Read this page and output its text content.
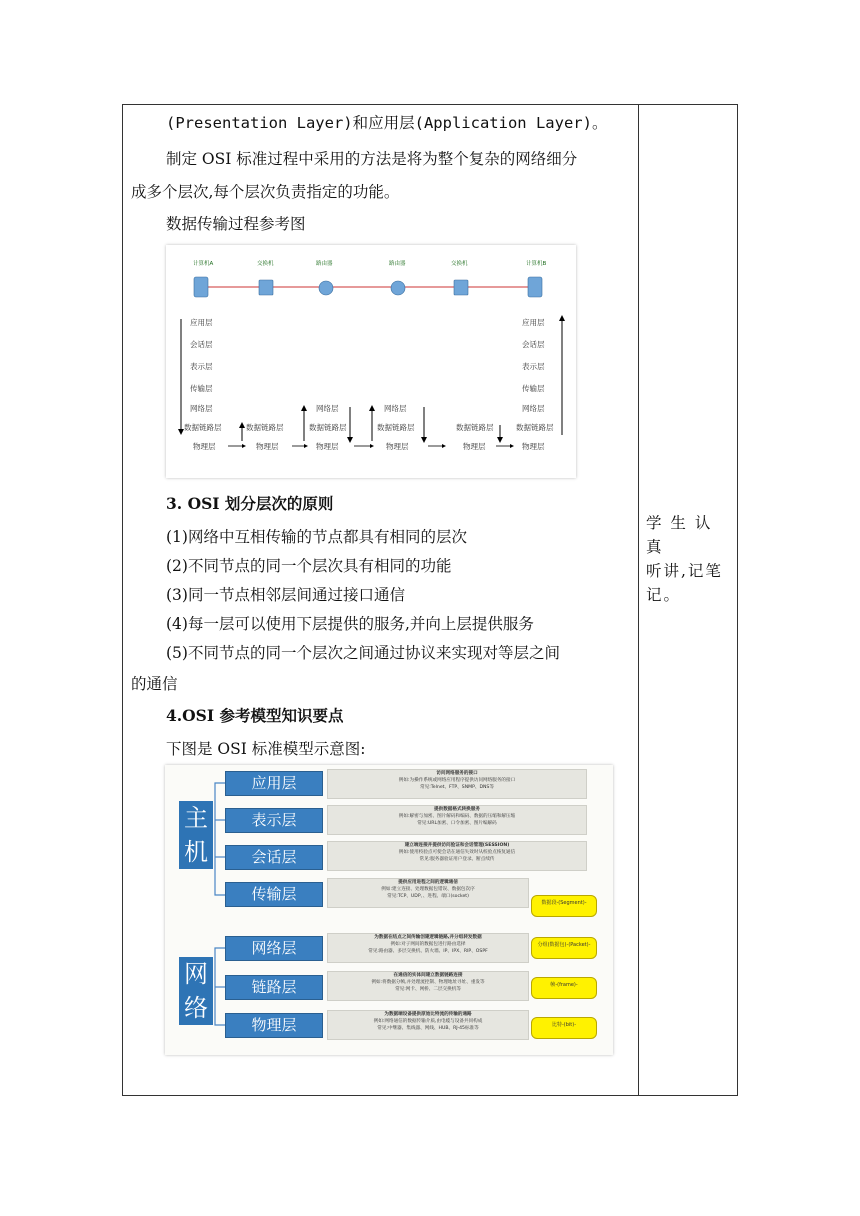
(Presentation Layer)和应用层(Application Layer)。
制定 OSI 标准过程中采用的方法是将为整个复杂的网络细分
成多个层次,每个层次负责指定的功能。
数据传输过程参考图
计算机A	交换机	路由器	路由器	交换机	计算机B
应用层
会话层
表示层
传输层
网络层
数据链路层
物理层
应用层
会话层
表示层
传输层
网络层
数据链路层
物理层
数据链路层
物理层
网络层
数据链路层
物理层
网络层
数据链路层
物理层
数据链路层
物理层
3. OSI 划分层次的原则
(1)网络中互相传输的节点都具有相同的层次
(2)不同节点的同一个层次具有相同的功能
(3)同一节点相邻层间通过接口通信
(4)每一层可以使用下层提供的服务,并向上层提供服务
(5)不同节点的同一个层次之间通过协议来实现对等层之间
的通信
4.OSI 参考模型知识要点
下图是 OSI 标准模型示意图:
学 生 认 真
听讲,记笔
记。
主
机
网
络
应用层
表示层
会话层
传输层
网络层
链路层
物理层
访问网络服务的接口
例如:为操作系统或网络应用程序提供访问网络服务的接口
常见:Telnet、FTP、SNMP、DNS等
提供数据格式转换服务
例如:解密与加密、图片解码和编码、数据的压缩和解压缩
常见:URL加密、口令加密、图片编解码
建立端连接并提供访问验证和会话管理(SESSION)
例如:使用校验点可使会话在通信失效时从校验点恢复通信
常见:服务器验证用户登录、断点续传
提供应用进程之间的逻辑通信
例如:建立连接、处理数据包错误、数据包次序
常见:TCP、UDP、、进程、端口(socket)
为数据在结点之间传输创建逻辑链路,并分组转发数据
例如:对子网间的数据包进行路由选择
常见:路由器、多层交换机、防火墙、IP、IPX、RIP、OSPF
在通信的实体间建立数据链路连接
例如:将数据分帧,并处理流控制、物理地址寻址、重发等
常见:网卡、网桥、二层交换机等
为数据端设备提供原始比特流的传输的通路
例如:网络通信的数据传输介质,由电缆与设备共同构成
常见:中继器、集线器、网线、HUB、RJ-45标准等
数据段-(Segment)-
分组(数据包)-(Packet)-
帧-(frame)-
比特-(bit)-
